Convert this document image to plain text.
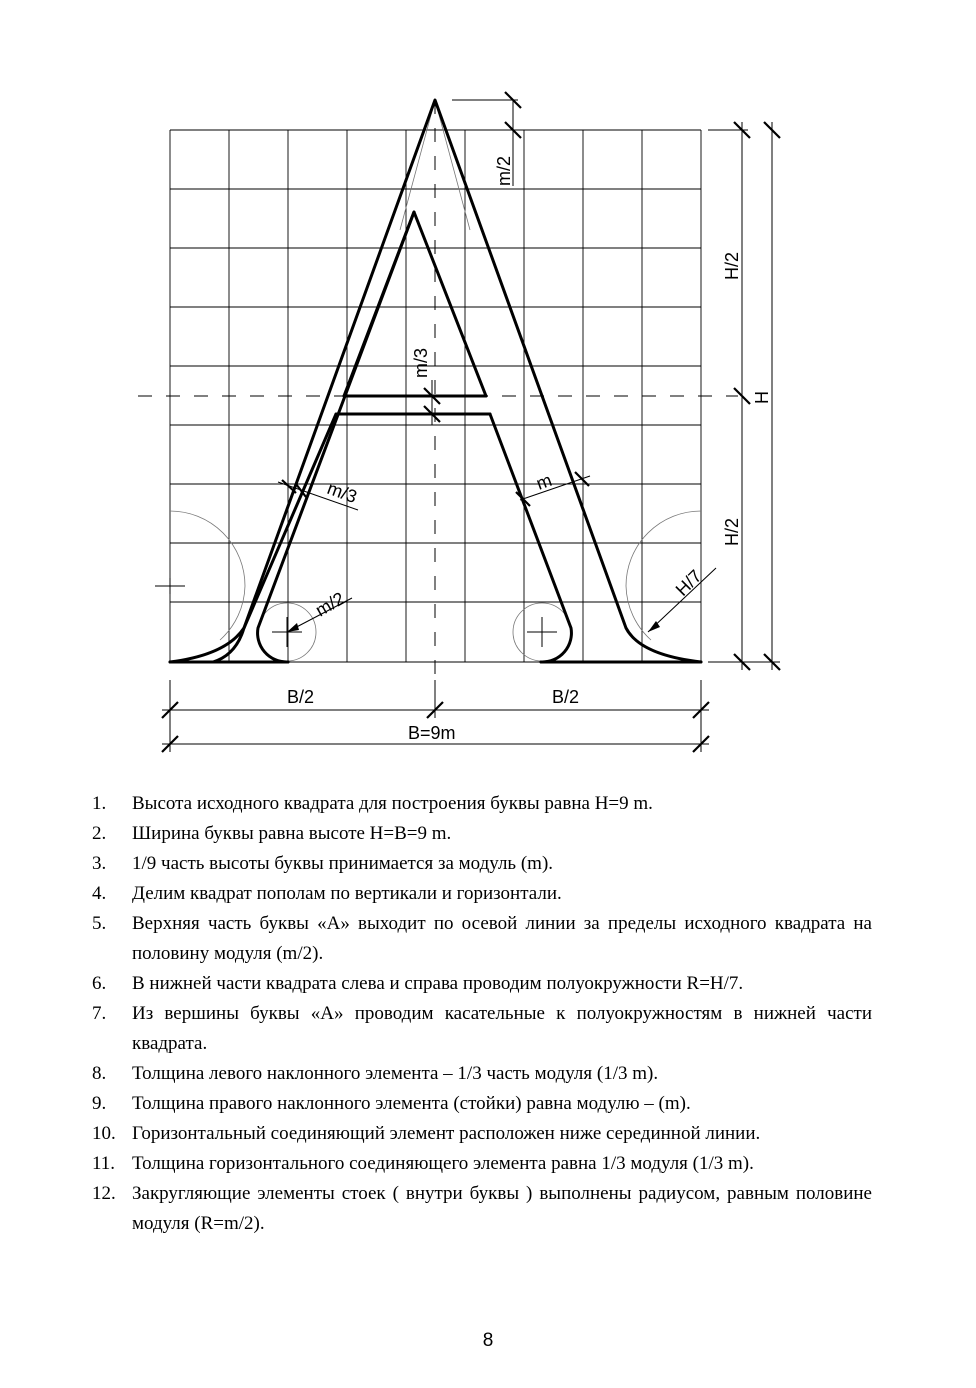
m/2
m/3
m/3	m
m/2
H/7
H/2
H/2
H
B/2	B/2
B=9m
1. Высота исходного квадрата для построения буквы равна H=9 m.
2. Ширина буквы равна высоте H=B=9 m.
3. 1/9 часть высоты буквы принимается за модуль (m).
4. Делим квадрат пополам по вертикали и горизонтали.
5. Верхняя часть буквы «А» выходит по осевой линии за пределы исходного квадрата на половину модуля (m/2).
6. В нижней части квадрата слева и справа проводим полуокружности R=H/7.
7. Из вершины буквы «А» проводим касательные к полуокружностям в нижней части квадрата.
8. Толщина левого наклонного элемента – 1/3 часть модуля (1/3 m).
9. Толщина правого наклонного элемента (стойки) равна модулю – (m).
10. Горизонтальный соединяющий элемент расположен ниже серединной линии.
11. Толщина горизонтального соединяющего элемента равна 1/3 модуля (1/3 m).
12. Закругляющие элементы стоек ( внутри буквы ) выполнены радиусом, равным половине модуля (R=m/2).
8
